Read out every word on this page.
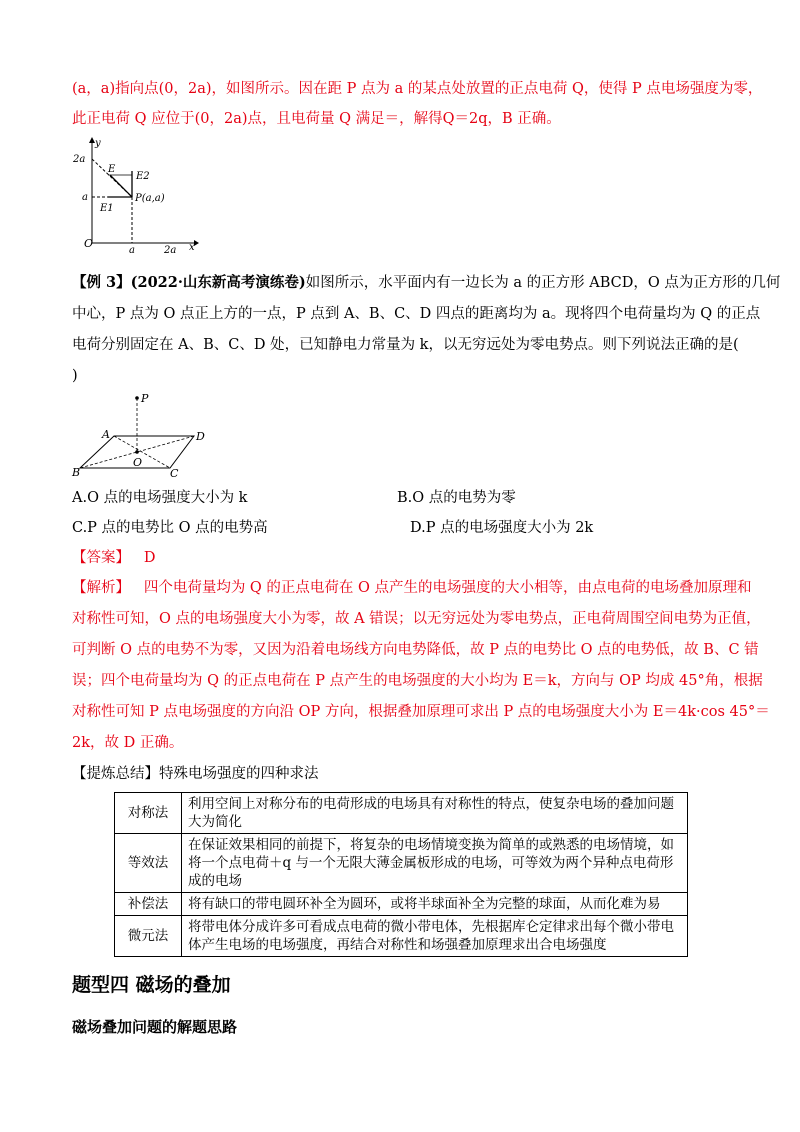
(a，a)指向点(0，2a)，如图所示。因在距 P 点为 a 的某点处放置的正点电荷 Q，使得 P 点电场强度为零，
此正电荷 Q 应位于(0，2a)点，且电荷量 Q 满足＝，解得Q＝2q，B 正确。
O
y
x
2a
a
a	2a
E
E2
E1
P(a,a)
【例 3】(2022·山东新高考演练卷)如图所示，水平面内有一边长为 a 的正方形 ABCD，O 点为正方形的几何
中心，P 点为 O 点正上方的一点，P 点到 A、B、C、D 四点的距离均为 a。现将四个电荷量均为 Q 的正点
电荷分别固定在 A、B、C、D 处，已知静电力常量为 k，以无穷远处为零电势点。则下列说法正确的是(
)
P
A	D
C
B
O
A.O 点的电场强度大小为 k	B.O 点的电势为零
C.P 点的电势比 O 点的电势高	D.P 点的电场强度大小为 2k
【答案】 D
【解析】 四个电荷量均为 Q 的正点电荷在 O 点产生的电场强度的大小相等，由点电荷的电场叠加原理和
对称性可知，O 点的电场强度大小为零，故 A 错误；以无穷远处为零电势点，正电荷周围空间电势为正值，
可判断 O 点的电势不为零，又因为沿着电场线方向电势降低，故 P 点的电势比 O 点的电势低，故 B、C 错
误；四个电荷量均为 Q 的正点电荷在 P 点产生的电场强度的大小均为 E＝k，方向与 OP 均成 45°角，根据
对称性可知 P 点电场强度的方向沿 OP 方向，根据叠加原理可求出 P 点的电场强度大小为 E＝4k·cos 45°＝
2k，故 D 正确。
【提炼总结】特殊电场强度的四种求法
对称法	利用空间上对称分布的电荷形成的电场具有对称性的特点，使复杂电场的叠加问题大为简化
等效法	在保证效果相同的前提下，将复杂的电场情境变换为简单的或熟悉的电场情境，如将一个点电荷＋q 与一个无限大薄金属板形成的电场，可等效为两个异种点电荷形成的电场
补偿法	将有缺口的带电圆环补全为圆环，或将半球面补全为完整的球面，从而化难为易
微元法	将带电体分成许多可看成点电荷的微小带电体，先根据库仑定律求出每个微小带电体产生电场的电场强度，再结合对称性和场强叠加原理求出合电场强度
题型四 磁场的叠加
磁场叠加问题的解题思路
